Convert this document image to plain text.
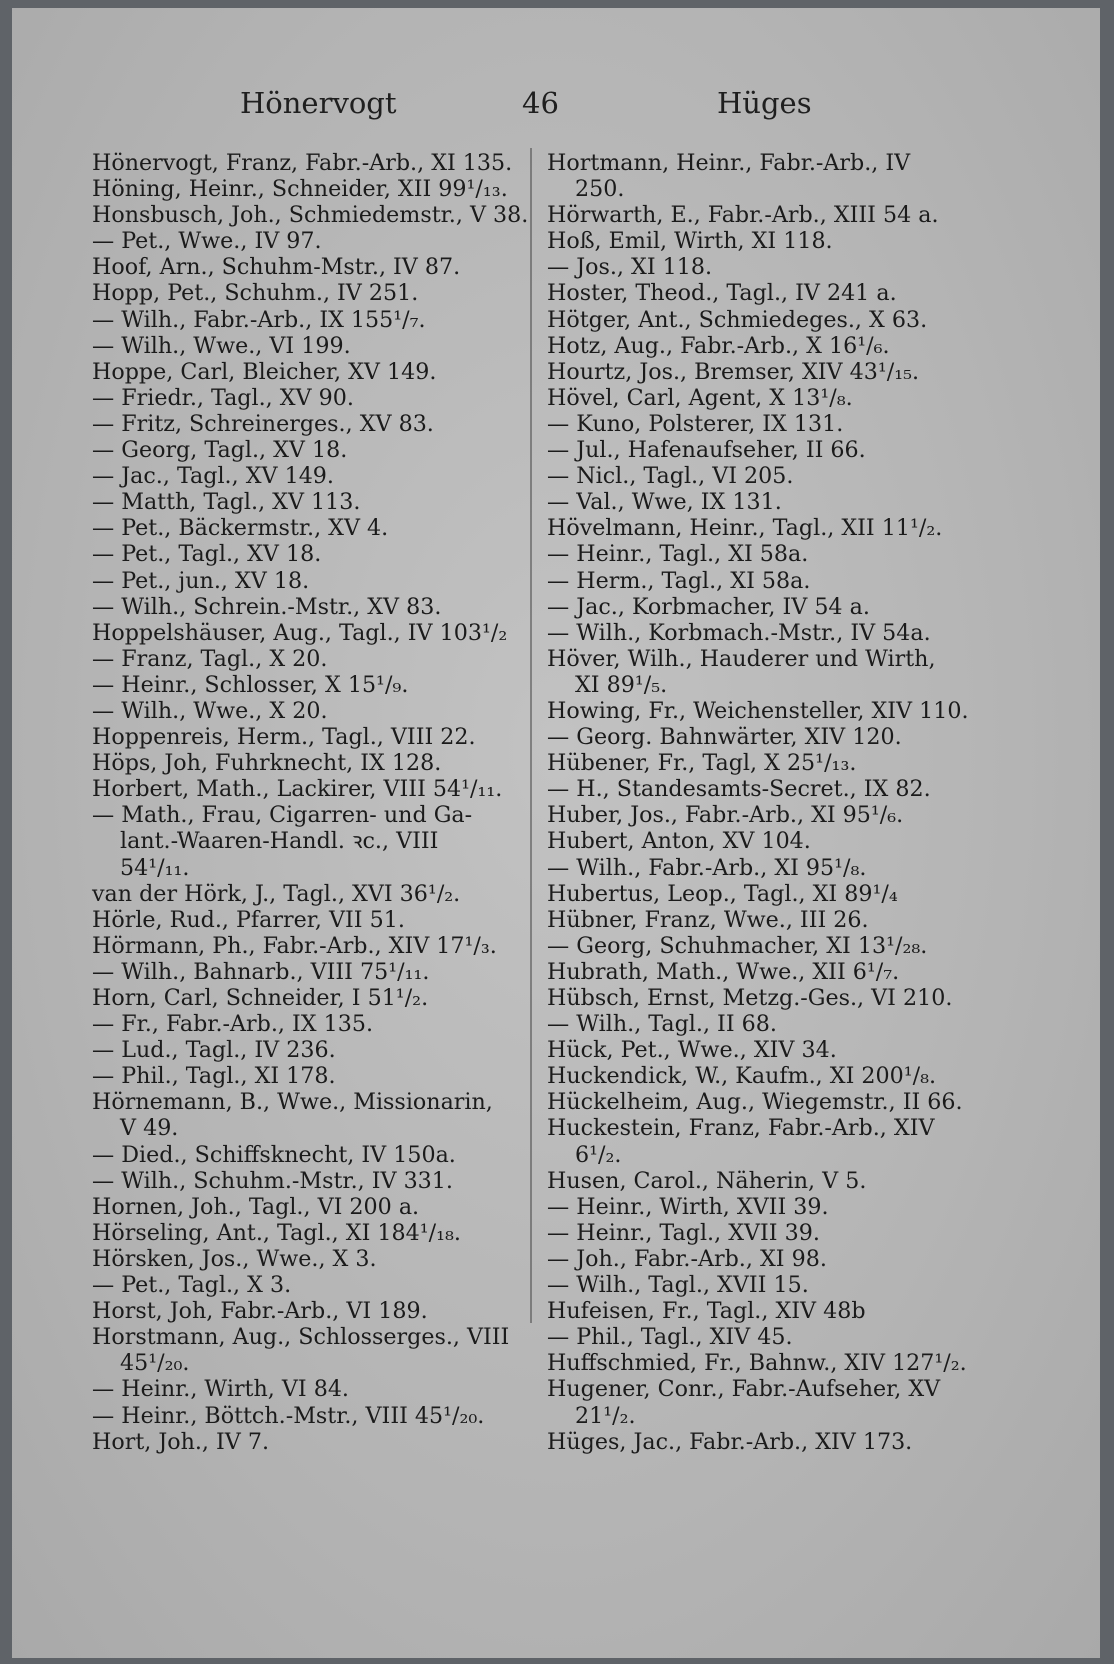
Hönervogt	46	Hüges
Hönervogt, Franz, Fabr.-Arb., XI 135.
Höning, Heinr., Schneider, XII 99¹/₁₃.
Honsbusch, Joh., Schmiedemstr., V 38.
— Pet., Wwe., IV 97.
Hoof, Arn., Schuhm-Mstr., IV 87.
Hopp, Pet., Schuhm., IV 251.
— Wilh., Fabr.-Arb., IX 155¹/₇.
— Wilh., Wwe., VI 199.
Hoppe, Carl, Bleicher, XV 149.
— Friedr., Tagl., XV 90.
— Fritz, Schreinerges., XV 83.
— Georg, Tagl., XV 18.
— Jac., Tagl., XV 149.
— Matth, Tagl., XV 113.
— Pet., Bäckermstr., XV 4.
— Pet., Tagl., XV 18.
— Pet., jun., XV 18.
— Wilh., Schrein.-Mstr., XV 83.
Hoppelshäuser, Aug., Tagl., IV 103¹/₂
— Franz, Tagl., X 20.
— Heinr., Schlosser, X 15¹/₉.
— Wilh., Wwe., X 20.
Hoppenreis, Herm., Tagl., VIII 22.
Höps, Joh, Fuhrknecht, IX 128.
Horbert, Math., Lackirer, VIII 54¹/₁₁.
— Math., Frau, Cigarren- und Ga-
lant.-Waaren-Handl. ꝛc., VIII
54¹/₁₁.
van der Hörk, J., Tagl., XVI 36¹/₂.
Hörle, Rud., Pfarrer, VII 51.
Hörmann, Ph., Fabr.-Arb., XIV 17¹/₃.
— Wilh., Bahnarb., VIII 75¹/₁₁.
Horn, Carl, Schneider, I 51¹/₂.
— Fr., Fabr.-Arb., IX 135.
— Lud., Tagl., IV 236.
— Phil., Tagl., XI 178.
Hörnemann, B., Wwe., Missionarin,
V 49.
— Died., Schiffsknecht, IV 150a.
— Wilh., Schuhm.-Mstr., IV 331.
Hornen, Joh., Tagl., VI 200 a.
Hörseling, Ant., Tagl., XI 184¹/₁₈.
Hörsken, Jos., Wwe., X 3.
— Pet., Tagl., X 3.
Horst, Joh, Fabr.-Arb., VI 189.
Horstmann, Aug., Schlosserges., VIII
45¹/₂₀.
— Heinr., Wirth, VI 84.
— Heinr., Böttch.-Mstr., VIII 45¹/₂₀.
Hort, Joh., IV 7.
Hortmann, Heinr., Fabr.-Arb., IV
250.
Hörwarth, E., Fabr.-Arb., XIII 54 a.
Hoß, Emil, Wirth, XI 118.
— Jos., XI 118.
Hoster, Theod., Tagl., IV 241 a.
Hötger, Ant., Schmiedeges., X 63.
Hotz, Aug., Fabr.-Arb., X 16¹/₆.
Hourtz, Jos., Bremser, XIV 43¹/₁₅.
Hövel, Carl, Agent, X 13¹/₈.
— Kuno, Polsterer, IX 131.
— Jul., Hafenaufseher, II 66.
— Nicl., Tagl., VI 205.
— Val., Wwe, IX 131.
Hövelmann, Heinr., Tagl., XII 11¹/₂.
— Heinr., Tagl., XI 58a.
— Herm., Tagl., XI 58a.
— Jac., Korbmacher, IV 54 a.
— Wilh., Korbmach.-Mstr., IV 54a.
Höver, Wilh., Hauderer und Wirth,
XI 89¹/₅.
Howing, Fr., Weichensteller, XIV 110.
— Georg. Bahnwärter, XIV 120.
Hübener, Fr., Tagl, X 25¹/₁₃.
— H., Standesamts-Secret., IX 82.
Huber, Jos., Fabr.-Arb., XI 95¹/₆.
Hubert, Anton, XV 104.
— Wilh., Fabr.-Arb., XI 95¹/₈.
Hubertus, Leop., Tagl., XI 89¹/₄
Hübner, Franz, Wwe., III 26.
— Georg, Schuhmacher, XI 13¹/₂₈.
Hubrath, Math., Wwe., XII 6¹/₇.
Hübsch, Ernst, Metzg.-Ges., VI 210.
— Wilh., Tagl., II 68.
Hück, Pet., Wwe., XIV 34.
Huckendick, W., Kaufm., XI 200¹/₈.
Hückelheim, Aug., Wiegemstr., II 66.
Huckestein, Franz, Fabr.-Arb., XIV
6¹/₂.
Husen, Carol., Näherin, V 5.
— Heinr., Wirth, XVII 39.
— Heinr., Tagl., XVII 39.
— Joh., Fabr.-Arb., XI 98.
— Wilh., Tagl., XVII 15.
Hufeisen, Fr., Tagl., XIV 48b
— Phil., Tagl., XIV 45.
Huffschmied, Fr., Bahnw., XIV 127¹/₂.
Hugener, Conr., Fabr.-Aufseher, XV
21¹/₂.
Hüges, Jac., Fabr.-Arb., XIV 173.
